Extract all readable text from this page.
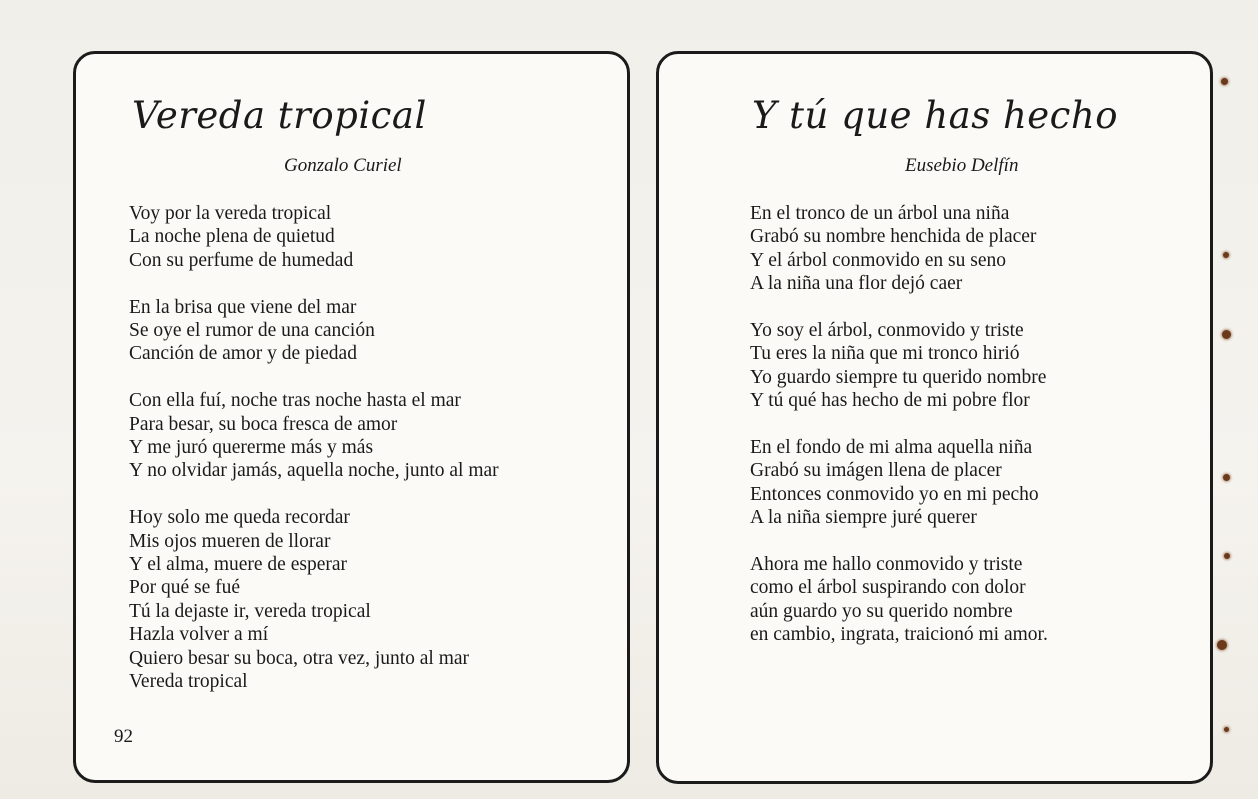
Vereda tropical
Gonzalo Curiel
Voy por la vereda tropical
La noche plena de quietud
Con su perfume de humedad
En la brisa que viene del mar
Se oye el rumor de una canción
Canción de amor y de piedad
Con ella fuí, noche tras noche hasta el mar
Para besar, su boca fresca de amor
Y me juró quererme más y más
Y no olvidar jamás, aquella noche, junto al mar
Hoy solo me queda recordar
Mis ojos mueren de llorar
Y el alma, muere de esperar
Por qué se fué
Tú la dejaste ir, vereda tropical
Hazla volver a mí
Quiero besar su boca, otra vez, junto al mar
Vereda tropical
92
Y tú que has hecho
Eusebio Delfín
En el tronco de un árbol una niña
Grabó su nombre henchida de placer
Y el árbol conmovido en su seno
A la niña una flor dejó caer
Yo soy el árbol, conmovido y triste
Tu eres la niña que mi tronco hirió
Yo guardo siempre tu querido nombre
Y tú qué has hecho de mi pobre flor
En el fondo de mi alma aquella niña
Grabó su imágen llena de placer
Entonces conmovido yo en mi pecho
A la niña siempre juré querer
Ahora me hallo conmovido y triste
como el árbol suspirando con dolor
aún guardo yo su querido nombre
en cambio, ingrata, traicionó mi amor.
